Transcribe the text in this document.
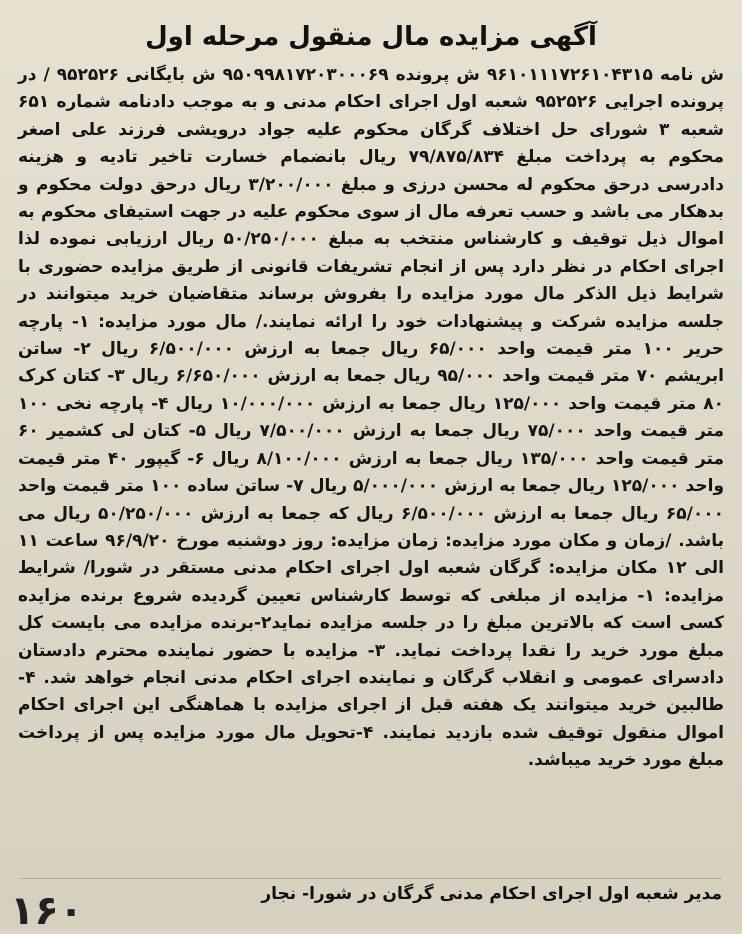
آگهی مزایده مال منقول مرحله اول
ش نامه ۹۶۱۰۱۱۱۷۲۶۱۰۴۳۱۵ ش پرونده ۹۵۰۹۹۸۱۷۲۰۳۰۰۰۶۹ ش بایگانی ۹۵۲۵۲۶ / در پرونده اجرایی ۹۵۲۵۲۶ شعبه اول اجرای احکام مدنی و به موجب دادنامه شماره ۶۵۱ شعبه ۳ شورای حل اختلاف گرگان محکوم علیه جواد درویشی فرزند علی اصغر محکوم به پرداخت مبلغ ۷۹/۸۷۵/۸۳۴ ریال بانضمام خسارت تاخیر تادیه و هزینه دادرسی درحق محکوم له محسن درزی و مبلغ ۳/۲۰۰/۰۰۰ ریال درحق دولت محکوم و بدهکار می باشد و حسب تعرفه مال از سوی محکوم علیه در جهت استیفای محکوم به اموال ذیل توقیف و کارشناس منتخب به مبلغ ۵۰/۲۵۰/۰۰۰ ریال ارزیابی نموده لذا اجرای احکام در نظر دارد پس از انجام تشریفات قانونی از طریق مزایده حضوری با شرایط ذیل الذکر مال مورد مزایده را بفروش برساند متقاضیان خرید میتوانند در جلسه مزایده شرکت و پیشنهادات خود را ارائه نمایند./ مال مورد مزایده: ۱- پارچه حریر ۱۰۰ متر قیمت واحد ۶۵/۰۰۰ ریال جمعا به ارزش ۶/۵۰۰/۰۰۰ ریال ۲- ساتن ابریشم ۷۰ متر قیمت واحد ۹۵/۰۰۰ ریال جمعا به ارزش ۶/۶۵۰/۰۰۰ ریال ۳- کتان کرک ۸۰ متر قیمت واحد ۱۲۵/۰۰۰ ریال جمعا به ارزش ۱۰/۰۰۰/۰۰۰ ریال ۴- پارچه نخی ۱۰۰ متر قیمت واحد ۷۵/۰۰۰ ریال جمعا به ارزش ۷/۵۰۰/۰۰۰ ریال ۵- کتان لی کشمیر ۶۰ متر قیمت واحد ۱۳۵/۰۰۰ ریال جمعا به ارزش ۸/۱۰۰/۰۰۰ ریال ۶- گیپور ۴۰ متر قیمت واحد ۱۲۵/۰۰۰ ریال جمعا به ارزش ۵/۰۰۰/۰۰۰ ریال ۷- ساتن ساده ۱۰۰ متر قیمت واحد ۶۵/۰۰۰ ریال جمعا به ارزش ۶/۵۰۰/۰۰۰ ریال که جمعا به ارزش ۵۰/۲۵۰/۰۰۰ ریال می باشد. /زمان و مکان مورد مزایده: زمان مزایده: روز دوشنبه مورخ ۹۶/۹/۲۰ ساعت ۱۱ الی ۱۲ مکان مزایده: گرگان شعبه اول اجرای احکام مدنی مستقر در شورا/ شرایط مزایده: ۱- مزایده از مبلغی که توسط کارشناس تعیین گردیده شروع برنده مزایده کسی است که بالاترین مبلغ را در جلسه مزایده نماید۲-برنده مزایده می بایست کل مبلغ مورد خرید را نقدا پرداخت نماید. ۳- مزایده با حضور نماینده محترم دادستان دادسرای عمومی و انقلاب گرگان و نماینده اجرای احکام مدنی انجام خواهد شد. ۴-طالبین خرید میتوانند یک هفته قبل از اجرای مزایده با هماهنگی این اجرای احکام اموال منقول توقیف شده بازدید نمایند. ۴-تحویل مال مورد مزایده پس از پرداخت مبلغ مورد خرید میباشد.
مدیر شعبه اول اجرای احکام مدنی گرگان در شورا- نجار
۱۶۰
